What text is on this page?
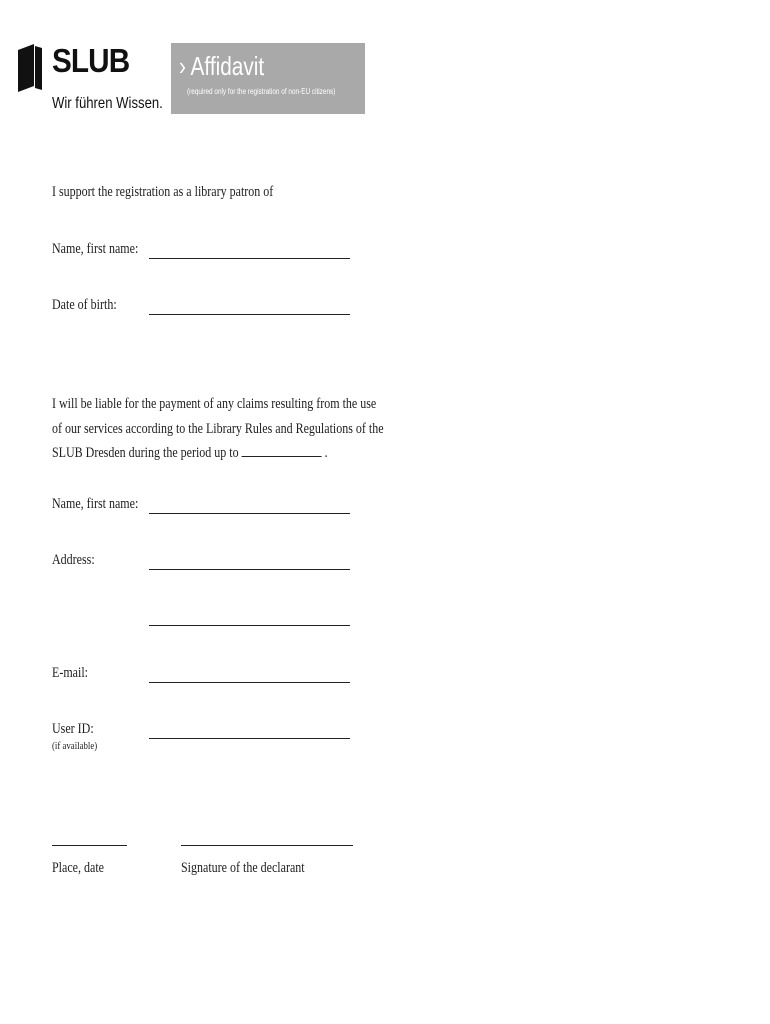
SLUB
Wir führen Wissen.
› Affidavit
(required only for the registration of non-EU citizens)
I support the registration as a library patron of
Name, first name:
Date of birth:
I will be liable for the payment of any claims resulting from the use
of our services according to the Library Rules and Regulations of the
SLUB Dresden during the period up to	.
Name, first name:
Address:
E-mail:
User ID:
(if available)
Place, date	Signature of the declarant
